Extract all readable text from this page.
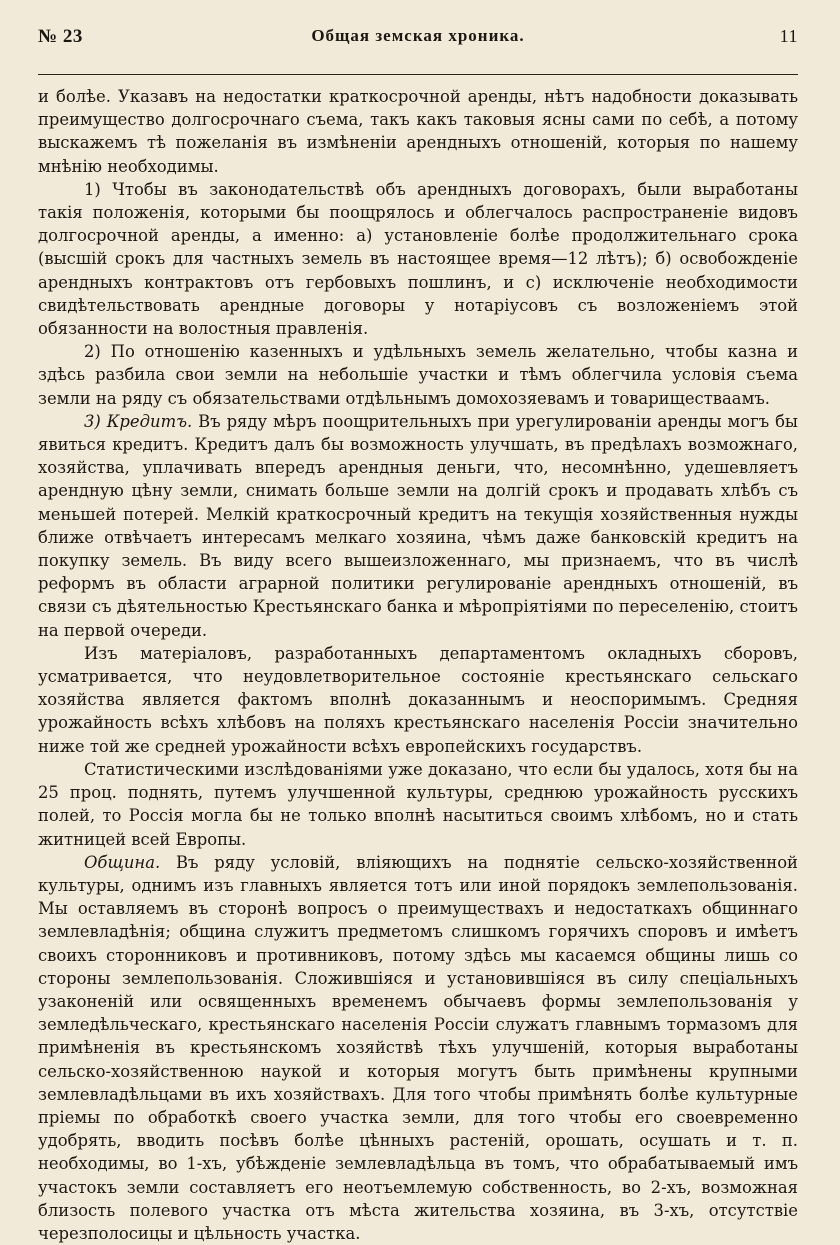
№ 23	Общая земская хроника.	11

и болѣе. Указавъ на недостатки краткосрочной аренды, нѣтъ надобности доказывать преимущество долгосрочнаго съема, такъ какъ таковыя ясны сами по себѣ, а потому выскажемъ тѣ пожеланія въ измѣненіи арендныхъ отношеній, которыя по нашему мнѣнію необходимы.

1) Чтобы въ законодательствѣ объ арендныхъ договорахъ, были выработаны такія положенія, которыми бы поощрялось и облегчалось распространеніе видовъ долгосрочной аренды, а именно: а) установленіе болѣе продолжительнаго срока (высшій срокъ для частныхъ земель въ настоящее время—12 лѣтъ); б) освобожденіе арендныхъ контрактовъ отъ гербовыхъ пошлинъ, и с) исключеніе необходимости свидѣтельствовать арендные договоры у нотаріусовъ съ возложеніемъ этой обязанности на волостныя правленія.

2) По отношенію казенныхъ и удѣльныхъ земель желательно, чтобы казна и здѣсь разбила свои земли на небольшіе участки и тѣмъ облегчила условія съема земли на ряду съ обязательствами отдѣльнымъ домохозяевамъ и товариществаамъ.

3) Кредитъ. Въ ряду мѣръ поощрительныхъ при урегулированіи аренды могъ бы явиться кредитъ. Кредитъ далъ бы возможность улучшать, въ предѣлахъ возможнаго, хозяйства, уплачивать впередъ арендныя деньги, что, несомнѣнно, удешевляетъ арендную цѣну земли, снимать больше земли на долгій срокъ и продавать хлѣбъ съ меньшей потерей. Мелкій краткосрочный кредитъ на текущія хозяйственныя нужды ближе отвѣчаетъ интересамъ мелкаго хозяина, чѣмъ даже банковскій кредитъ на покупку земель. Въ виду всего вышеизложеннаго, мы признаемъ, что въ числѣ реформъ въ области аграрной политики регулированіе арендныхъ отношеній, въ связи съ дѣятельностью Крестьянскаго банка и мѣропріятіями по переселенію, стоитъ на первой очереди.

Изъ матеріаловъ, разработанныхъ департаментомъ окладныхъ сборовъ, усматривается, что неудовлетворительное состояніе крестьянскаго сельскаго хозяйства является фактомъ вполнѣ доказаннымъ и неоспоримымъ. Средняя урожайность всѣхъ хлѣбовъ на поляхъ крестьянскаго населенія Россіи значительно ниже той же средней урожайности всѣхъ европейскихъ государствъ.

Статистическими изслѣдованіями уже доказано, что если бы удалось, хотя бы на 25 проц. поднять, путемъ улучшенной культуры, среднюю урожайность русскихъ полей, то Россія могла бы не только вполнѣ насытиться своимъ хлѣбомъ, но и стать житницей всей Европы.

Община. Въ ряду условій, вліяющихъ на поднятіе сельско-хозяйственной культуры, однимъ изъ главныхъ является тотъ или иной порядокъ землепользованія. Мы оставляемъ въ сторонѣ вопросъ о преимуществахъ и недостаткахъ общиннаго землевладѣнія; община служитъ предметомъ слишкомъ горячихъ споровъ и имѣетъ своихъ сторонниковъ и противниковъ, потому здѣсь мы касаемся общины лишь со стороны землепользованія. Сложившіяся и установившіяся въ силу спеціальныхъ узаконеній или освященныхъ временемъ обычаевъ формы землепользованія у земледѣльческаго, крестьянскаго населенія Россіи служатъ главнымъ тормазомъ для примѣненія въ крестьянскомъ хозяйствѣ тѣхъ улучшеній, которыя выработаны сельско-хозяйственною наукой и которыя могутъ быть примѣнены крупными землевладѣльцами въ ихъ хозяйствахъ. Для того чтобы примѣнять болѣе культурные пріемы по обработкѣ своего участка земли, для того чтобы его своевременно удобрять, вводить посѣвъ болѣе цѣнныхъ растеній, орошать, осушать и т. п. необходимы, во 1-хъ, убѣжденіе землевладѣльца въ томъ, что обрабатываемый имъ участокъ земли составляетъ его неотъемлемую собственность, во 2-хъ, возможная близость полевого участка отъ мѣста жительства хозяина, въ 3-хъ, отсутствіе черезполосицы и цѣльность участка.
